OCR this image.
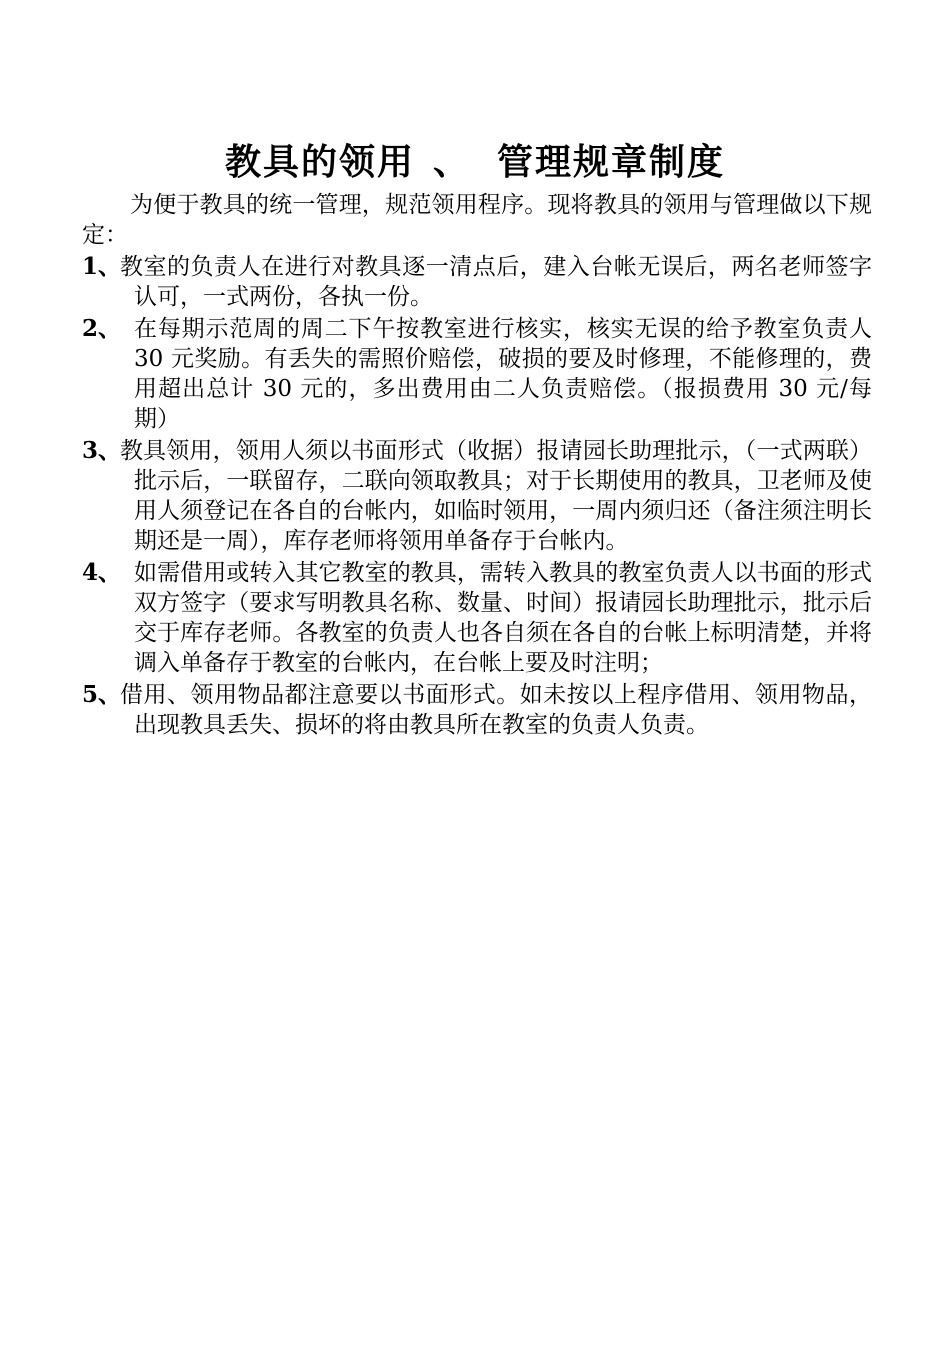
教具的领用 、 管理规章制度

为便于教具的统一管理，规范领用程序。现将教具的领用与管理做以下规定：

1、
教室的负责人在进行对教具逐一清点后，建入台帐无误后，两名老师签字认可，一式两份，各执一份。
2、 在每期示范周的周二下午按教室进行核实，核实无误的给予教室负责人 30 元奖励。有丢失的需照价赔偿，破损的要及时修理，不能修理的，费用超出总计 30 元的，多出费用由二人负责赔偿。（报损费用 30 元/每期）
3、
教具领用，领用人须以书面形式（收据）报请园长助理批示，（一式两联）批示后，一联留存，二联向领取教具；对于长期使用的教具，卫老师及使用人须登记在各自的台帐内，如临时领用，一周内须归还（备注须注明长期还是一周），库存老师将领用单备存于台帐内。
4、 如需借用或转入其它教室的教具，需转入教具的教室负责人以书面的形式双方签字（要求写明教具名称、数量、时间）报请园长助理批示，批示后交于库存老师。各教室的负责人也各自须在各自的台帐上标明清楚，并将调入单备存于教室的台帐内，在台帐上要及时注明；
5、
借用、领用物品都注意要以书面形式。如未按以上程序借用、领用物品，出现教具丢失、损坏的将由教具所在教室的负责人负责。
